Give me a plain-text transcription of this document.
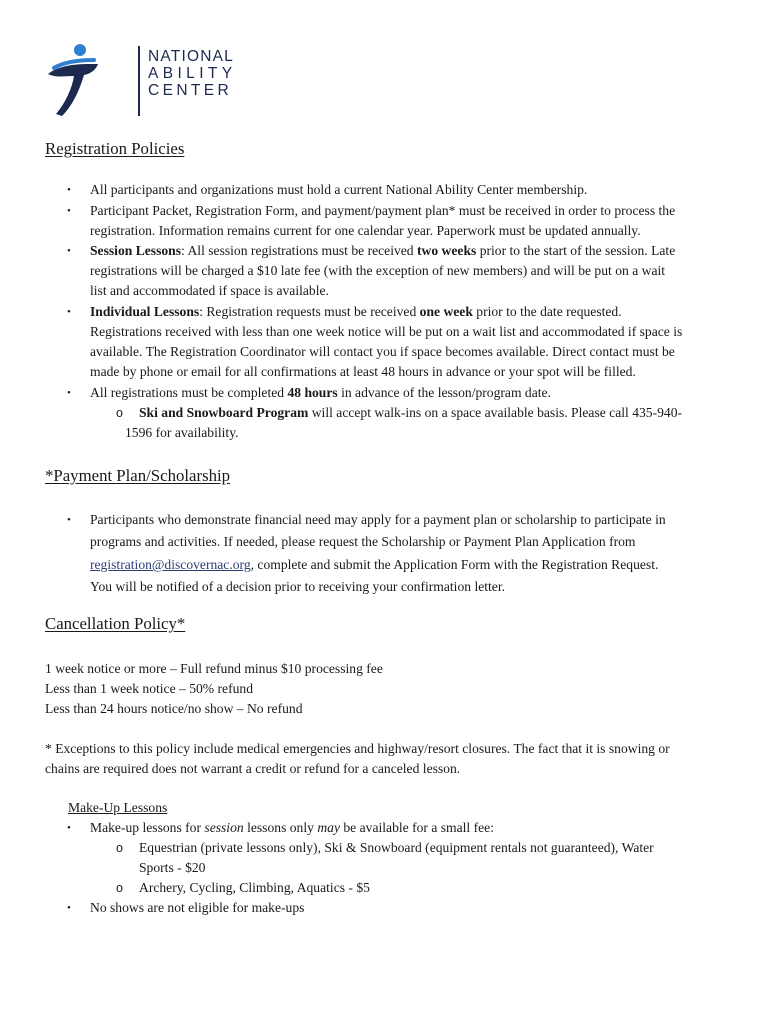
NATIONAL
ABILITY
CENTER
Registration Policies
•	All participants and organizations must hold a current National Ability Center membership.

•	Participant Packet, Registration Form, and payment/payment plan* must be received in order to process the

registration. Information remains current for one calendar year. Paperwork must be updated annually.

•	Session Lessons: All session registrations must be received two weeks prior to the start of the session. Late

registrations will be charged a $10 late fee (with the exception of new members) and will be put on a wait

list and accommodated if space is available.

•	Individual Lessons: Registration requests must be received one week prior to the date requested.

Registrations received with less than one week notice will be put on a wait list and accommodated if space is

available. The Registration Coordinator will contact you if space becomes available. Direct contact must be

made by phone or email for all confirmations at least 48 hours in advance or your spot will be filled.

•	All registrations must be completed 48 hours in advance of the lesson/program date.

o Ski and Snowboard Program will accept walk-ins on a space available basis. Please call 435-940-

1596 for availability.

*Payment Plan/Scholarship
•	Participants who demonstrate financial need may apply for a payment plan or scholarship to participate in

programs and activities. If needed, please request the Scholarship or Payment Plan Application from

registration@discovernac.org, complete and submit the Application Form with the Registration Request.

You will be notified of a decision prior to receiving your confirmation letter.

Cancellation Policy*

1 week notice or more – Full refund minus $10 processing fee

Less than 1 week notice – 50% refund

Less than 24 hours notice/no show – No refund

* Exceptions to this policy include medical emergencies and highway/resort closures. The fact that it is snowing or

chains are required does not warrant a credit or refund for a canceled lesson.

Make-Up Lessons

•	Make-up lessons for session lessons only may be available for a small fee:

o Equestrian (private lessons only), Ski & Snowboard (equipment rentals not guaranteed), Water

Sports - $20

o Archery, Cycling, Climbing, Aquatics - $5

•	No shows are not eligible for make-ups
